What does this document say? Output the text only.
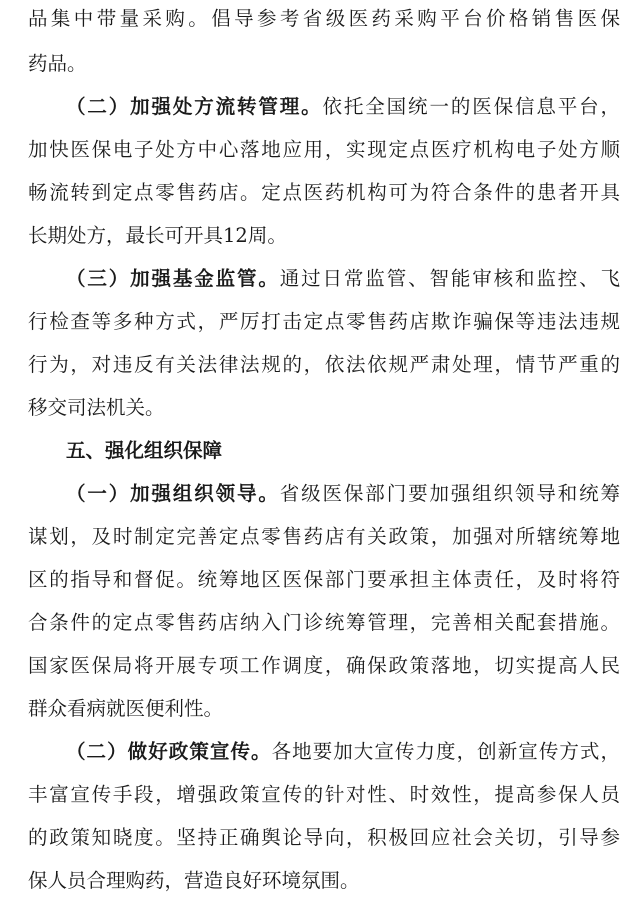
品集中带量采购。倡导参考省级医药采购平台价格销售医保
药品。
（二）加强处方流转管理。依托全国统一的医保信息平台，
加快医保电子处方中心落地应用，实现定点医疗机构电子处方顺
畅流转到定点零售药店。定点医药机构可为符合条件的患者开具
长期处方，最长可开具12周。
（三）加强基金监管。通过日常监管、智能审核和监控、飞
行检查等多种方式，严厉打击定点零售药店欺诈骗保等违法违规
行为，对违反有关法律法规的，依法依规严肃处理，情节严重的
移交司法机关。
五、强化组织保障
（一）加强组织领导。省级医保部门要加强组织领导和统筹
谋划，及时制定完善定点零售药店有关政策，加强对所辖统筹地
区的指导和督促。统筹地区医保部门要承担主体责任，及时将符
合条件的定点零售药店纳入门诊统筹管理，完善相关配套措施。
国家医保局将开展专项工作调度，确保政策落地，切实提高人民
群众看病就医便利性。
（二）做好政策宣传。各地要加大宣传力度，创新宣传方式，
丰富宣传手段，增强政策宣传的针对性、时效性，提高参保人员
的政策知晓度。坚持正确舆论导向，积极回应社会关切，引导参
保人员合理购药，营造良好环境氛围。
